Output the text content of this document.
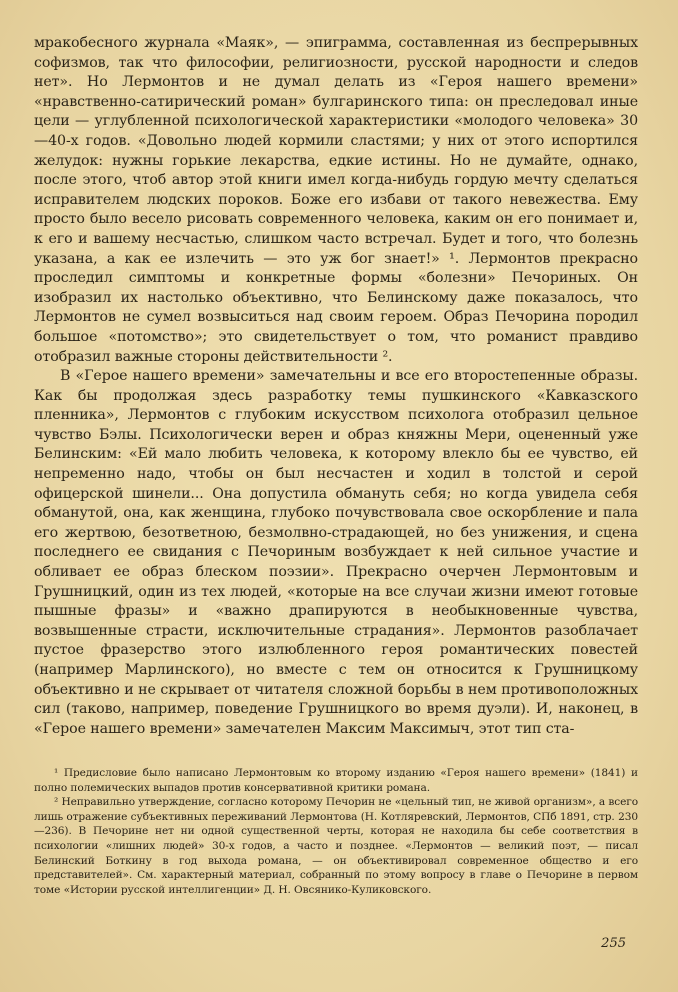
мракобесного журнала «Маяк», — эпиграмма, составленная из беспрерывных софизмов, так что философии, религиозности, русской народности и следов нет». Но Лермонтов и не думал делать из «Героя нашего времени» «нравственно-сатирический роман» булгаринского типа: он преследовал иные цели — углубленной психологической характеристики «молодого человека» 30—40-х годов. «Довольно людей кормили сластями; у них от этого испортился желудок: нужны горькие лекарства, едкие истины. Но не думайте, однако, после этого, чтоб автор этой книги имел когда-нибудь гордую мечту сделаться исправителем людских пороков. Боже его избави от такого невежества. Ему просто было весело рисовать современного человека, каким он его понимает и, к его и вашему несчастью, слишком часто встречал. Будет и того, что болезнь указана, а как ее излечить — это уж бог знает!» ¹. Лермонтов прекрасно проследил симптомы и конкретные формы «болезни» Печориных. Он изобразил их настолько объективно, что Белинскому даже показалось, что Лермонтов не сумел возвыситься над своим героем. Образ Печорина породил большое «потомство»; это свидетельствует о том, что романист правдиво отобразил важные стороны действительности ².

В «Герое нашего времени» замечательны и все его второстепенные образы. Как бы продолжая здесь разработку темы пушкинского «Кавказского пленника», Лермонтов с глубоким искусством психолога отобразил цельное чувство Бэлы. Психологически верен и образ княжны Мери, оцененный уже Белинским: «Ей мало любить человека, к которому влекло бы ее чувство, ей непременно надо, чтобы он был несчастен и ходил в толстой и серой офицерской шинели... Она допустила обмануть себя; но когда увидела себя обманутой, она, как женщина, глубоко почувствовала свое оскорбление и пала его жертвою, безответною, безмолвно-страдающей, но без унижения, и сцена последнего ее свидания с Печориным возбуждает к ней сильное участие и обливает ее образ блеском поэзии». Прекрасно очерчен Лермонтовым и Грушницкий, один из тех людей, «которые на все случаи жизни имеют готовые пышные фразы» и «важно драпируются в необыкновенные чувства, возвышенные страсти, исключительные страдания». Лермонтов разоблачает пустое фразерство этого излюбленного героя романтических повестей (например Марлинского), но вместе с тем он относится к Грушницкому объективно и не скрывает от читателя сложной борьбы в нем противоположных сил (таково, например, поведение Грушницкого во время дуэли). И, наконец, в «Герое нашего времени» замечателен Максим Максимыч, этот тип ста-

¹ Предисловие было написано Лермонтовым ко второму изданию «Героя нашего времени» (1841) и полно полемических выпадов против консервативной критики романа.

² Неправильно утверждение, согласно которому Печорин не «цельный тип, не живой организм», а всего лишь отражение субъективных переживаний Лермонтова (Н. Котляревский, Лермонтов, СПб 1891, стр. 230—236). В Печорине нет ни одной существенной черты, которая не находила бы себе соответствия в психологии «лишних людей» 30-х годов, а часто и позднее. «Лермонтов — великий поэт, — писал Белинский Боткину в год выхода романа, — он объективировал современное общество и его представителей». См. характерный материал, собранный по этому вопросу в главе о Печорине в первом томе «Истории русской интеллигенции» Д. Н. Овсянико-Куликовского.

255
